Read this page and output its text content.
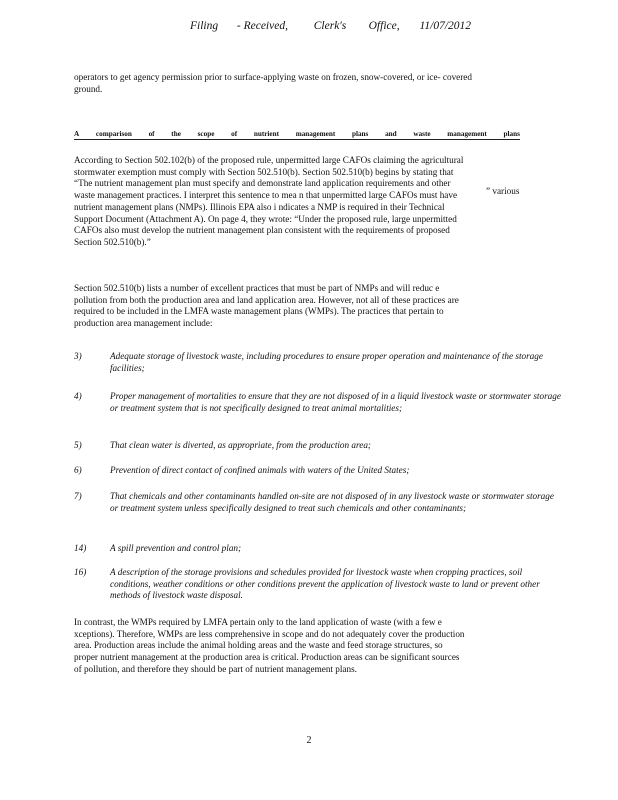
Filing - Received, Clerk's Office, 11/07/2012
operators to get agency permission prior to surface-applying waste on frozen, snow-covered, or ice- covered ground.
A comparison of the scope of nutrient management plans and waste management plans
According to Section 502.102(b) of the proposed rule, unpermitted large CAFOs claiming the agricultural stormwater exemption must comply with Section 502.510(b). Section 502.510(b) begins by stating that “The nutrient management plan must specify and demonstrate land application requirements and other waste management practices. I interpret this sentence to mea n that unpermitted large CAFOs must have nutrient management plans (NMPs). Illinois EPA also i ndicates a NMP is required in their Technical Support Document (Attachment A). On page 4, they wrote: “Under the proposed rule, large unpermitted CAFOs also must develop the nutrient management plan consistent with the requirements of proposed Section 502.510(b).”
” various
Section 502.510(b) lists a number of excellent practices that must be part of NMPs and will reduc e pollution from both the production area and land application area. However, not all of these practices are required to be included in the LMFA waste management plans (WMPs). The practices that pertain to production area management include:
3)	Adequate storage of livestock waste, including procedures to ensure proper operation and maintenance of the storage facilities;
4)	Proper management of mortalities to ensure that they are not disposed of in a liquid livestock waste or stormwater storage or treatment system that is not specifically designed to treat animal mortalities;
5)	That clean water is diverted, as appropriate, from the production area;
6)	Prevention of direct contact of confined animals with waters of the United States;
7)	That chemicals and other contaminants handled on-site are not disposed of in any livestock waste or stormwater storage or treatment system unless specifically designed to treat such chemicals and other contaminants;
14)	A spill prevention and control plan;
16)	A description of the storage provisions and schedules provided for livestock waste when cropping practices, soil conditions, weather conditions or other conditions prevent the application of livestock waste to land or prevent other methods of livestock waste disposal.
In contrast, the WMPs required by LMFA pertain only to the land application of waste (with a few e xceptions). Therefore, WMPs are less comprehensive in scope and do not adequately cover the production area. Production areas include the animal holding areas and the waste and feed storage structures, so proper nutrient management at the production area is critical. Production areas can be significant sources of pollution, and therefore they should be part of nutrient management plans.
2
